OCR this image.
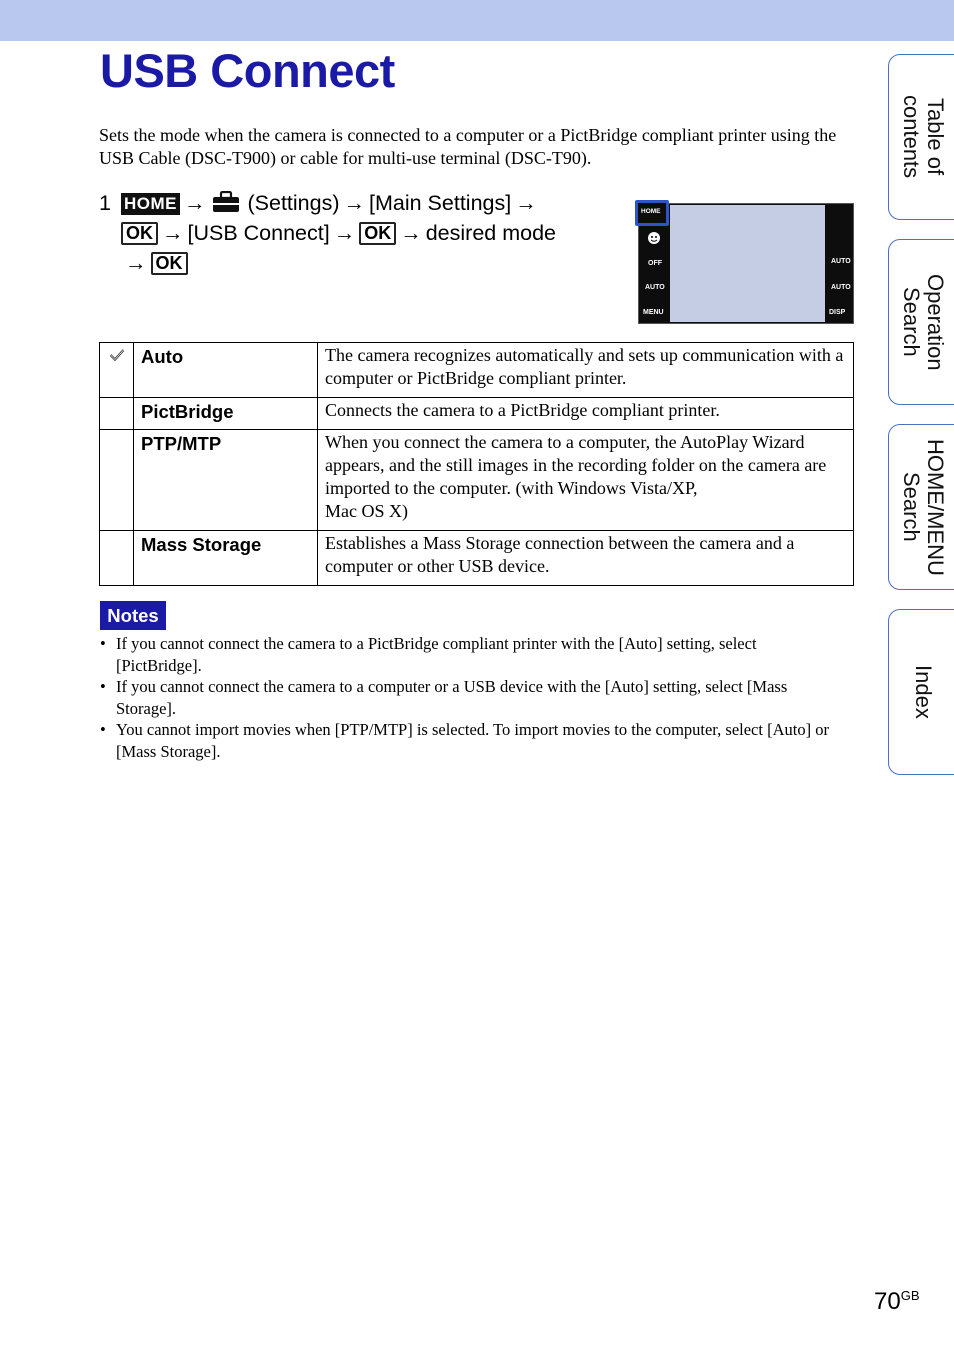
USB Connect

Sets the mode when the camera is connected to a computer or a PictBridge compliant printer using the USB Cable (DSC-T900) or cable for multi-use terminal (DSC-T90).

1 HOME → (Settings) → [Main Settings] →
OK → [USB Connect] → OK → desired mode
→ OK
HOME
OFF
AUTO
MENU
AUTO
AUTO
DISP
	Auto	The camera recognizes automatically and sets up communication with a computer or PictBridge compliant printer.
	PictBridge	Connects the camera to a PictBridge compliant printer.
	PTP/MTP	When you connect the camera to a computer, the AutoPlay Wizard appears, and the still images in the recording folder on the camera are imported to the computer. (with Windows Vista/XP,
Mac OS X)
	Mass Storage	Establishes a Mass Storage connection between the camera and a computer or other USB device.
Notes
• If you cannot connect the camera to a PictBridge compliant printer with the [Auto] setting, select [PictBridge].
• If you cannot connect the camera to a computer or a USB device with the [Auto] setting, select [Mass Storage].
• You cannot import movies when [PTP/MTP] is selected. To import movies to the computer, select [Auto] or [Mass Storage].
Table of contents
Operation Search
HOME/MENU Search
Index
$70^{GB}$
